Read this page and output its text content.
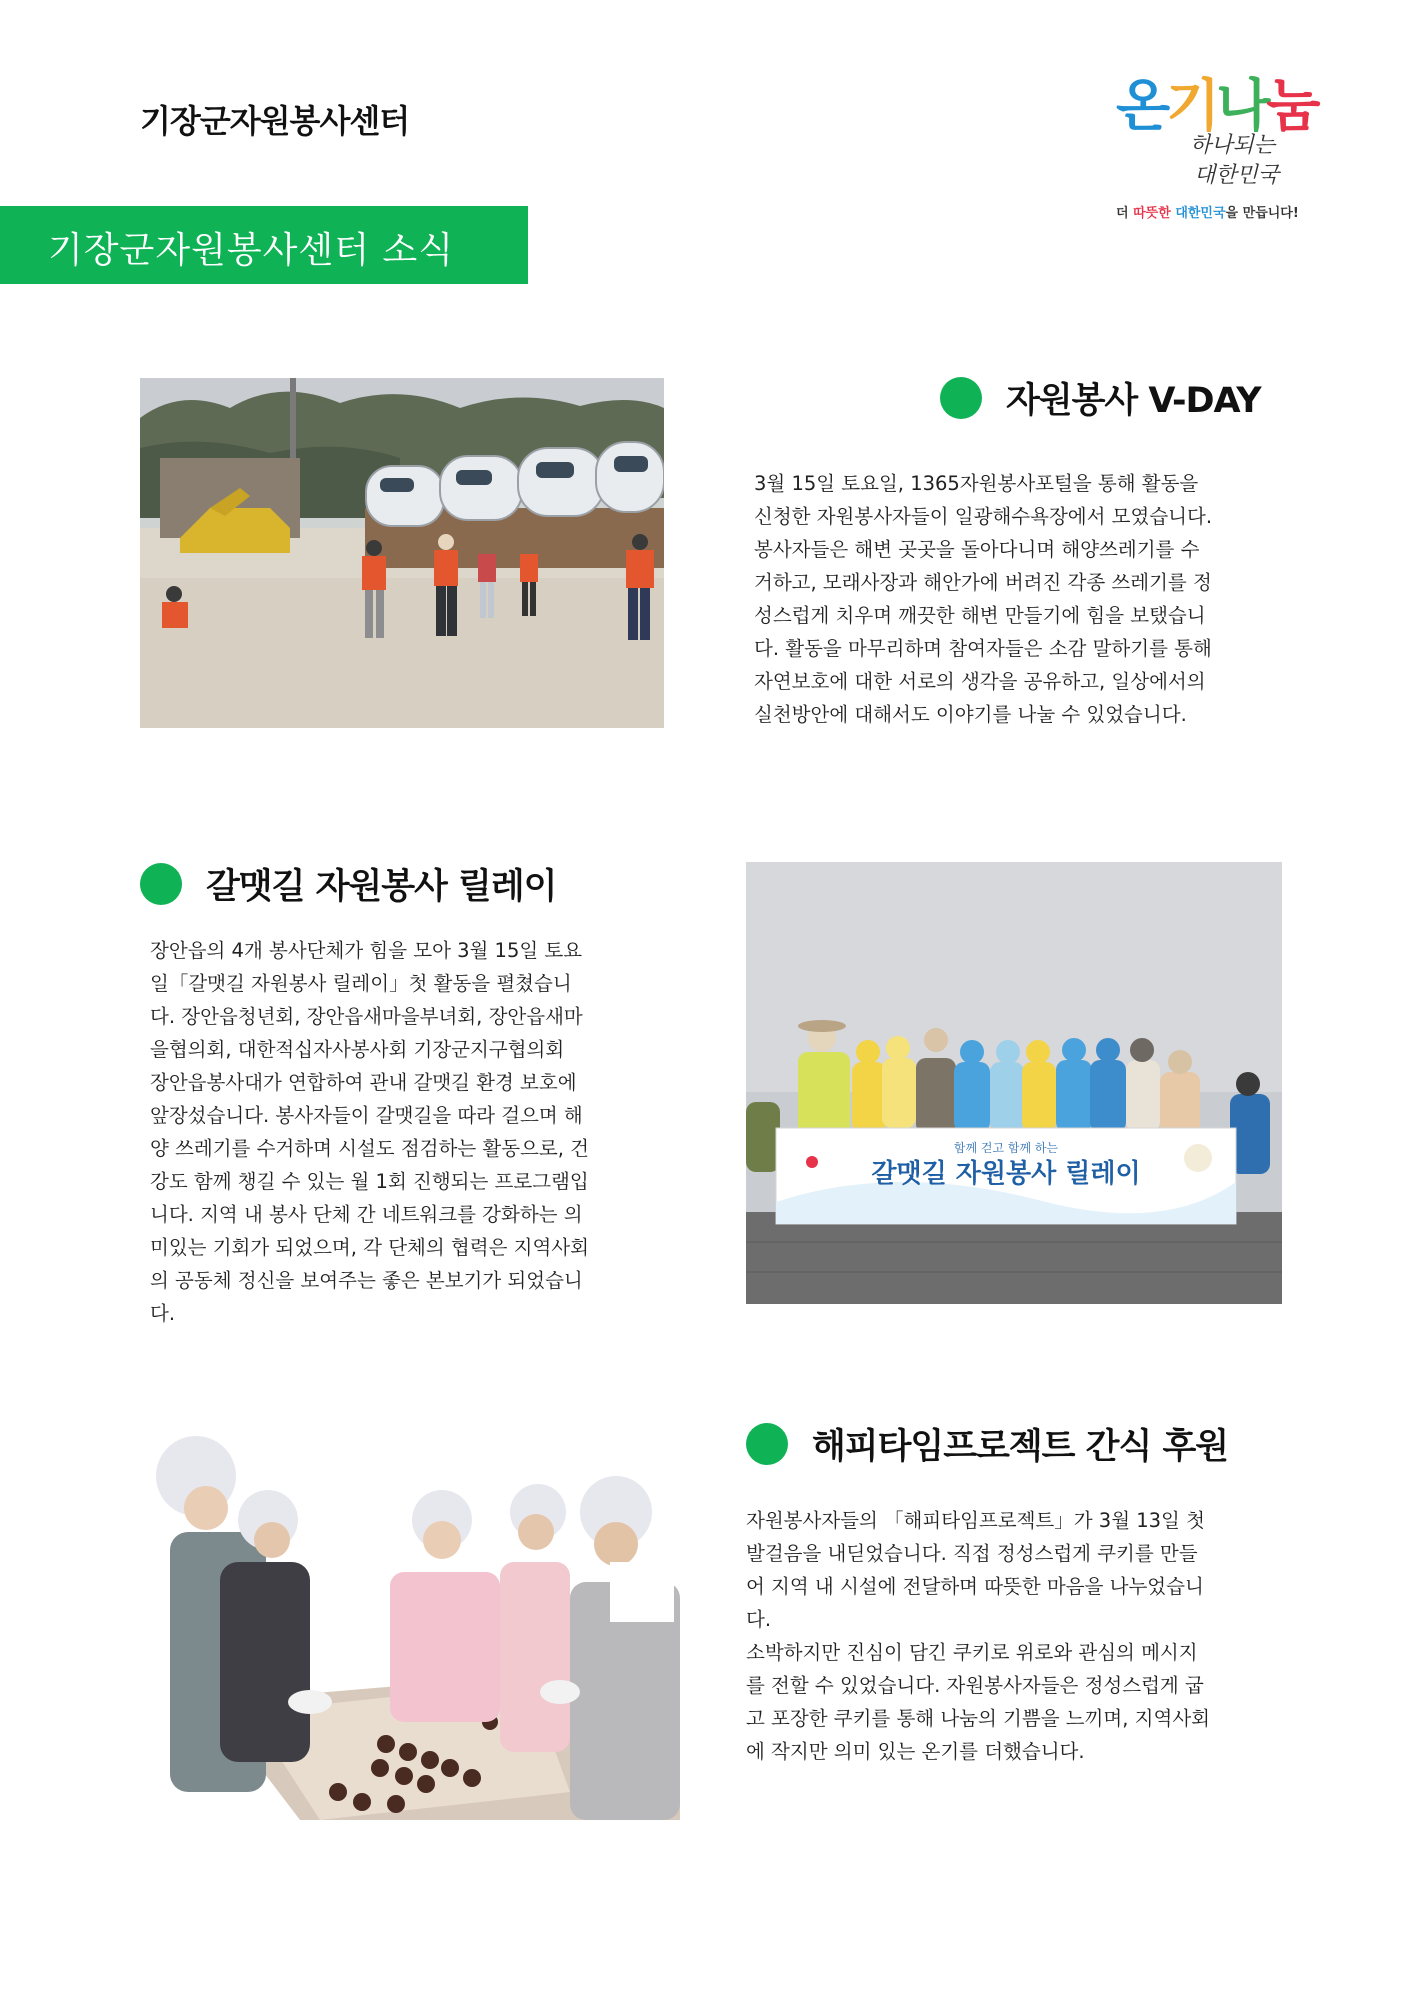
기장군자원봉사센터	온기나눔
하나되는
대한민국
더 따뜻한 대한민국을 만듭니다!
기장군자원봉사센터 소식
자원봉사 V-DAY

3월 15일 토요일, 1365자원봉사포털을 통해 활동을

신청한 자원봉사자들이 일광해수욕장에서 모였습니다.

봉사자들은 해변 곳곳을 돌아다니며 해양쓰레기를 수

거하고, 모래사장과 해안가에 버려진 각종 쓰레기를 정

성스럽게 치우며 깨끗한 해변 만들기에 힘을 보탰습니

다. 활동을 마무리하며 참여자들은 소감 말하기를 통해

자연보호에 대한 서로의 생각을 공유하고, 일상에서의

실천방안에 대해서도 이야기를 나눌 수 있었습니다.

갈맷길 자원봉사 릴레이

장안읍의 4개 봉사단체가 힘을 모아 3월 15일 토요

일「갈맷길 자원봉사 릴레이」첫 활동을 펼쳤습니

다. 장안읍청년회, 장안읍새마을부녀회, 장안읍새마

을협의회, 대한적십자사봉사회 기장군지구협의회

장안읍봉사대가 연합하여 관내 갈맷길 환경 보호에

앞장섰습니다. 봉사자들이 갈맷길을 따라 걸으며 해

양 쓰레기를 수거하며 시설도 점검하는 활동으로, 건

강도 함께 챙길 수 있는 월 1회 진행되는 프로그램입

니다. 지역 내 봉사 단체 간 네트워크를 강화하는 의

미있는 기회가 되었으며, 각 단체의 협력은 지역사회

의 공동체 정신을 보여주는 좋은 본보기가 되었습니

다.

함께 걷고 함께 하는
갈맷길 자원봉사 릴레이
해피타임프로젝트 간식 후원

자원봉사자들의 「해피타임프로젝트」가 3월 13일 첫

발걸음을 내딛었습니다. 직접 정성스럽게 쿠키를 만들

어 지역 내 시설에 전달하며 따뜻한 마음을 나누었습니

다.

소박하지만 진심이 담긴 쿠키로 위로와 관심의 메시지

를 전할 수 있었습니다. 자원봉사자들은 정성스럽게 굽

고 포장한 쿠키를 통해 나눔의 기쁨을 느끼며, 지역사회

에 작지만 의미 있는 온기를 더했습니다.
